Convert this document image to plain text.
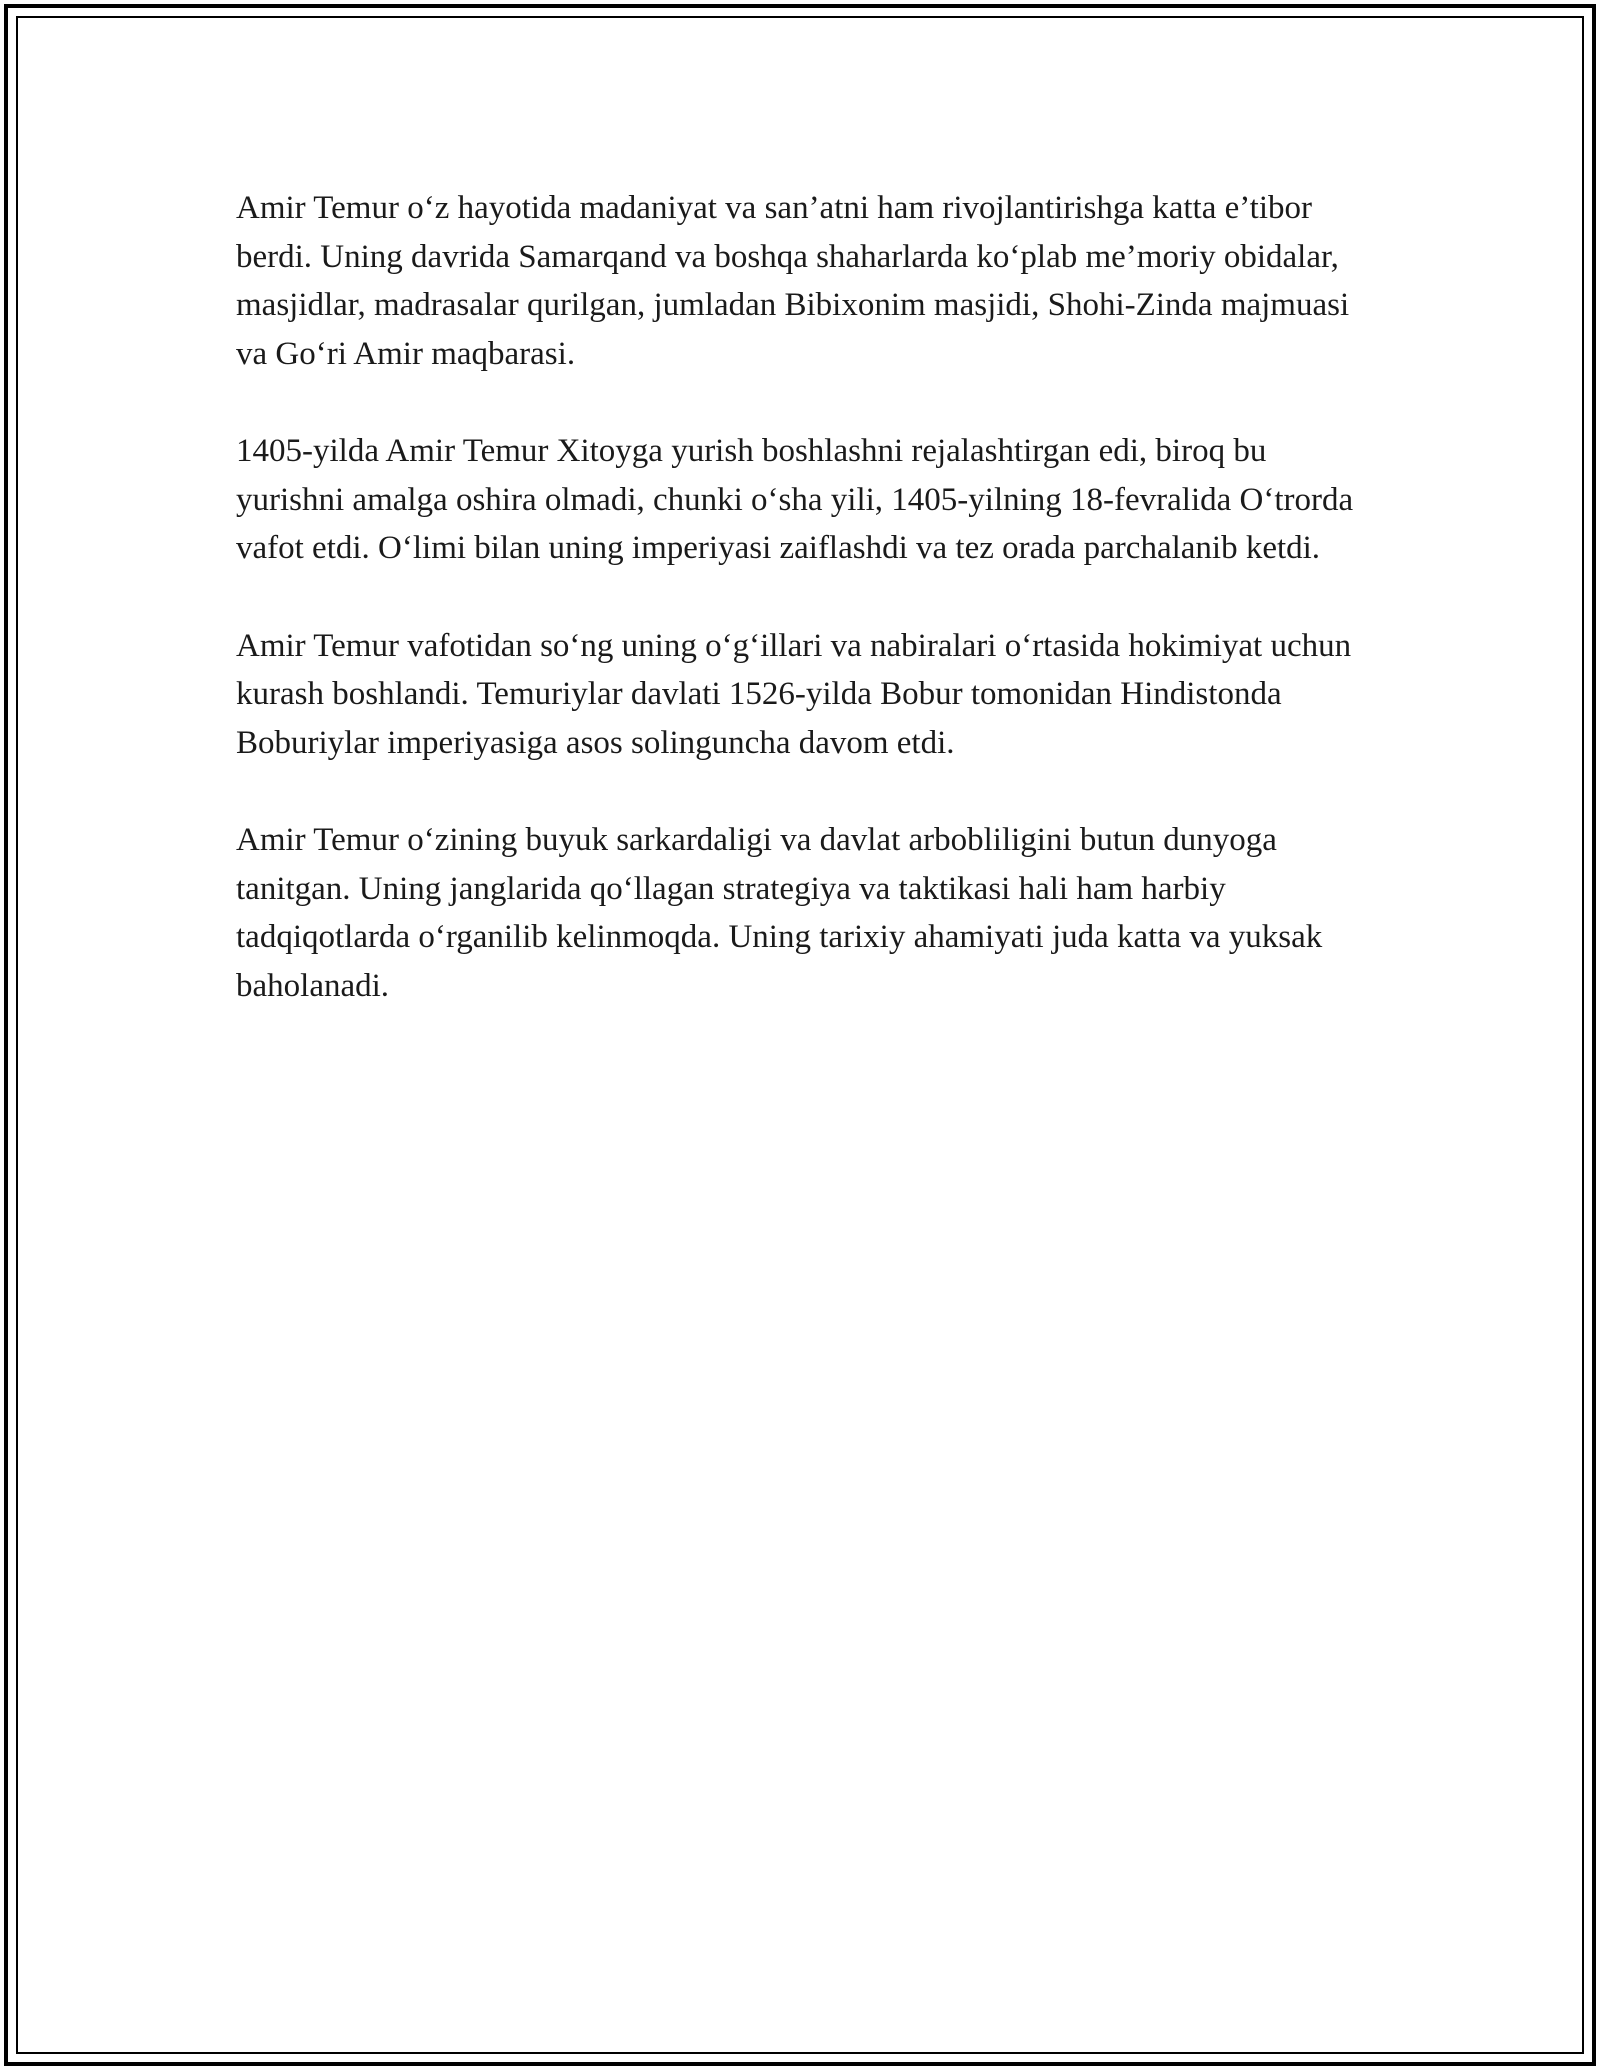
Amir Temur o‘z hayotida madaniyat va san’atni ham rivojlantirishga katta e’tibor berdi. Uning davrida Samarqand va boshqa shaharlarda ko‘plab me’moriy obidalar, masjidlar, madrasalar qurilgan, jumladan Bibixonim masjidi, Shohi-Zinda majmuasi va Go‘ri Amir maqbarasi.

1405-yilda Amir Temur Xitoyga yurish boshlashni rejalashtirgan edi, biroq bu yurishni amalga oshira olmadi, chunki o‘sha yili, 1405-yilning 18-fevralida O‘trorda vafot etdi. O‘limi bilan uning imperiyasi zaiflashdi va tez orada parchalanib ketdi.

Amir Temur vafotidan so‘ng uning o‘g‘illari va nabiralari o‘rtasida hokimiyat uchun kurash boshlandi. Temuriylar davlati 1526-yilda Bobur tomonidan Hindistonda Boburiylar imperiyasiga asos solinguncha davom etdi.

Amir Temur o‘zining buyuk sarkardaligi va davlat arbobliligini butun dunyoga tanitgan. Uning janglarida qo‘llagan strategiya va taktikasi hali ham harbiy tadqiqotlarda o‘rganilib kelinmoqda. Uning tarixiy ahamiyati juda katta va yuksak baholanadi.
